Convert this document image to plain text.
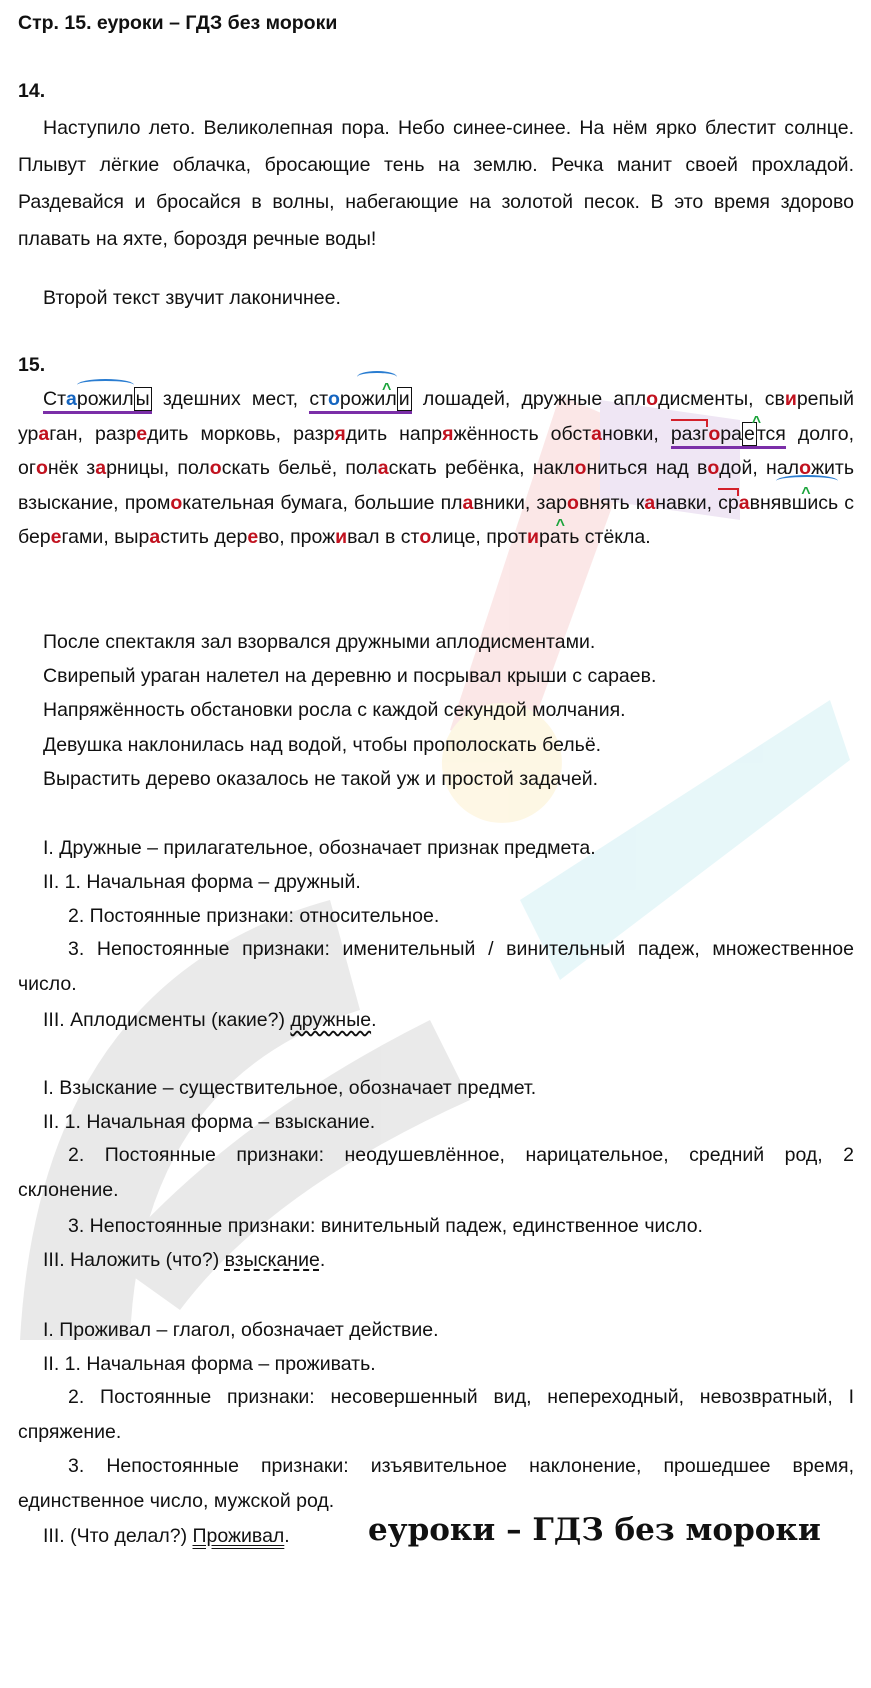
Стр. 15. еуроки – ГДЗ без мороки
14.
Наступило лето. Великолепная пора. Небо синее-синее. На нём ярко блестит солнце. Плывут лёгкие облачка, бросающие тень на землю. Речка манит своей прохладой. Раздевайся и бросайся в волны, набегающие на золотой песок. В это время здорово плавать на яхте, бороздя речные воды!
Второй текст звучит лаконичнее.
15.
Старожил ы здешних мест, сто^ рожил и лошадей, дружные аплодисменты, свирепый ураган, разредить морковь, разрядить напряжённость обстановки, разго^ ра е тся долго, огонёк зарницы, полоскать бельё, поласкать ребёнка, наклониться над водой, наложить взыскание, промокательная бумага, большие плавники, заровнять канавки, сра^ внявшись с берегами, вырастить дерево, проживал в столице, прот^ ирать стёкла.
После спектакля зал взорвался дружными аплодисментами.
Свирепый ураган налетел на деревню и посрывал крыши с сараев.
Напряжённость обстановки росла с каждой секундой молчания.
Девушка наклонилась над водой, чтобы прополоскать бельё.
Вырастить дерево оказалось не такой уж и простой задачей.
I. Дружные – прилагательное, обозначает признак предмета.
II. 1. Начальная форма – дружный.
2. Постоянные признаки: относительное.
3. Непостоянные признаки: именительный / винительный падеж, множественное число.
III. Аплодисменты (какие?) дружные.
I. Взыскание – существительное, обозначает предмет.
II. 1. Начальная форма – взыскание.
2. Постоянные признаки: неодушевлённое, нарицательное, средний род, 2 склонение.
3. Непостоянные признаки: винительный падеж, единственное число.
III. Наложить (что?) взыскание.
I. Проживал – глагол, обозначает действие.
II. 1. Начальная форма – проживать.
2. Постоянные признаки: несовершенный вид, непереходный, невозвратный, I спряжение.
3. Непостоянные признаки: изъявительное наклонение, прошедшее время, единственное число, мужской род.
III. (Что делал?) Проживал.	еуроки – ГДЗ без мороки
